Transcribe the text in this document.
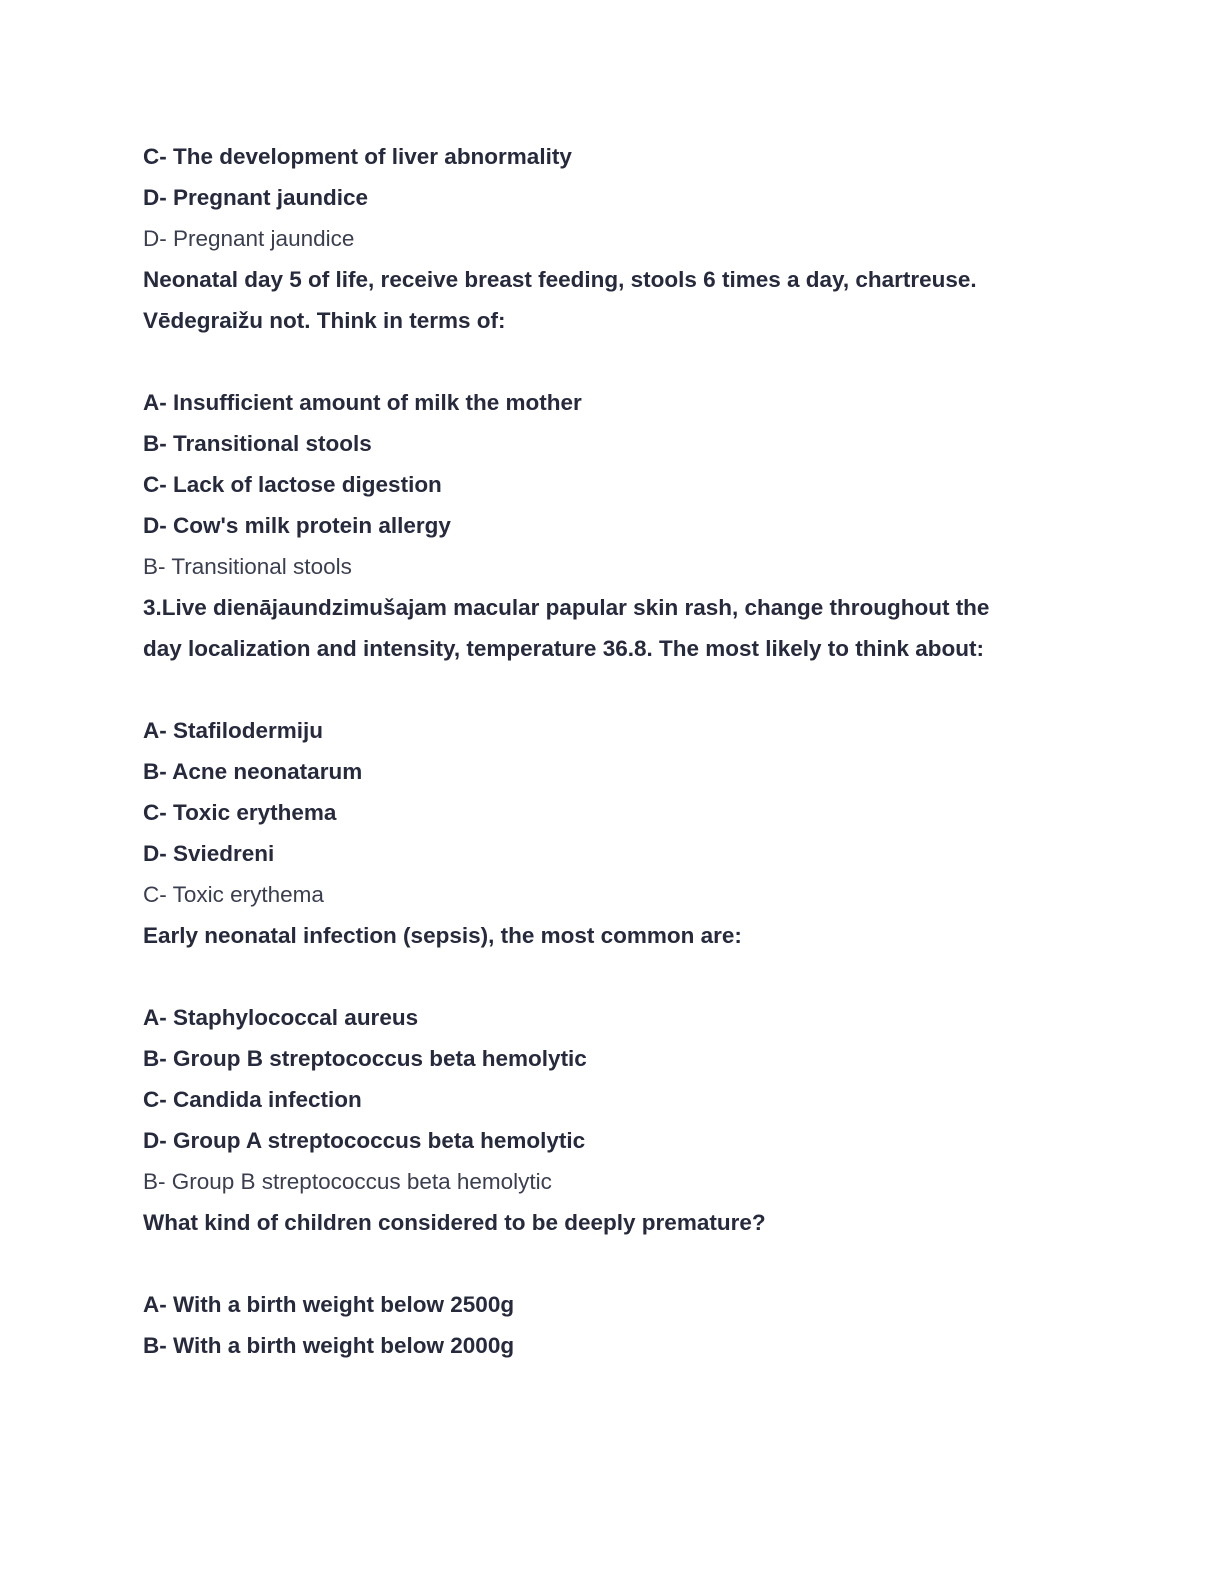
C- The development of liver abnormality
D- Pregnant jaundice
D- Pregnant jaundice
Neonatal day 5 of life, receive breast feeding, stools 6 times a day, chartreuse.
Vēdegraižu not. Think in terms of:
A- Insufficient amount of milk the mother
B- Transitional stools
C- Lack of lactose digestion
D- Cow's milk protein allergy
B- Transitional stools
3.Live dienājaundzimušajam macular papular skin rash, change throughout the
day localization and intensity, temperature 36.8. The most likely to think about:
A- Stafilodermiju
B- Acne neonatarum
C- Toxic erythema
D- Sviedreni
C- Toxic erythema
Early neonatal infection (sepsis), the most common are:
A- Staphylococcal aureus
B- Group B streptococcus beta hemolytic
C- Candida infection
D- Group A streptococcus beta hemolytic
B- Group B streptococcus beta hemolytic
What kind of children considered to be deeply premature?
A- With a birth weight below 2500g
B- With a birth weight below 2000g
